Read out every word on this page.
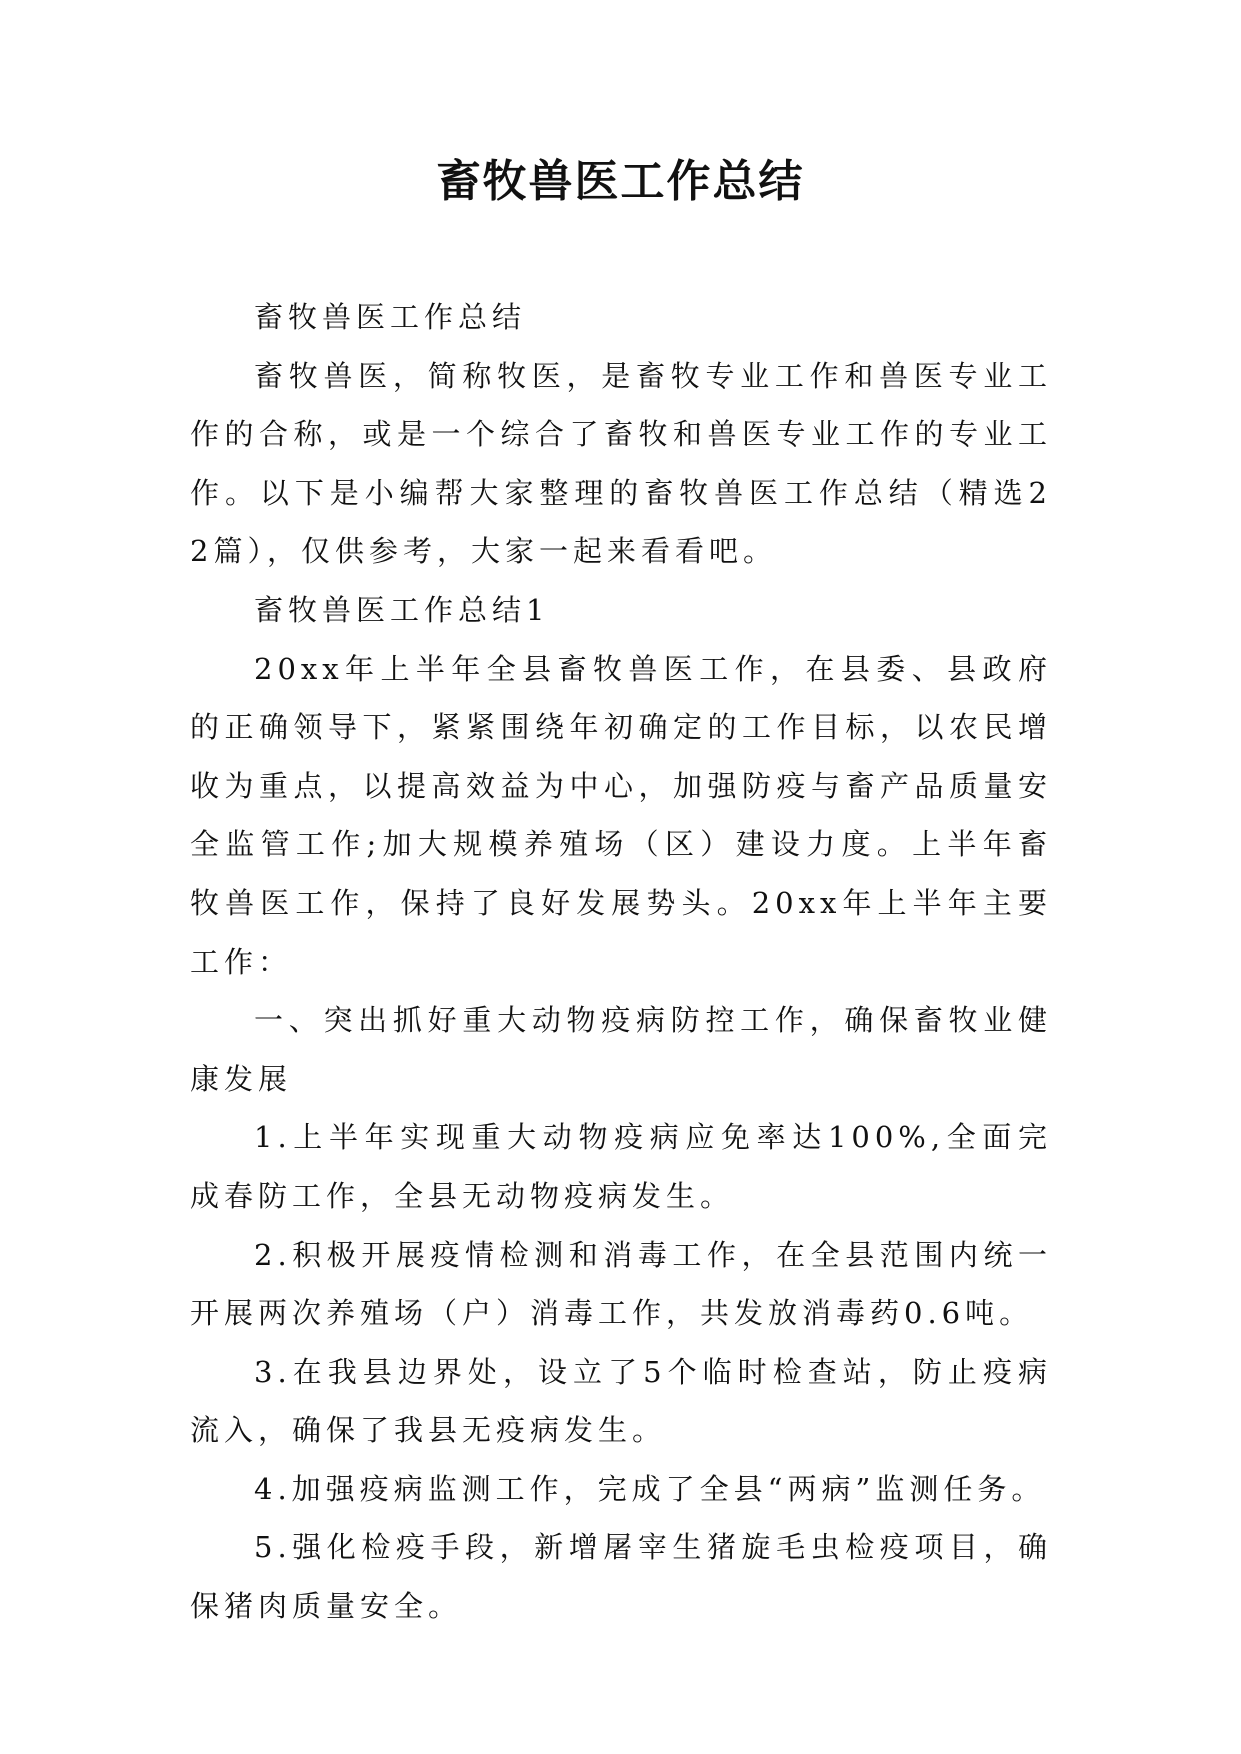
畜牧兽医工作总结

畜牧兽医工作总结

畜牧兽医，简称牧医，是畜牧专业工作和兽医专业工作的合称，或是一个综合了畜牧和兽医专业工作的专业工作。以下是小编帮大家整理的畜牧兽医工作总结（精选22篇），仅供参考，大家一起来看看吧。

畜牧兽医工作总结1

20xx年上半年全县畜牧兽医工作，在县委、县政府的正确领导下，紧紧围绕年初确定的工作目标，以农民增收为重点，以提高效益为中心，加强防疫与畜产品质量安全监管工作;加大规模养殖场（区）建设力度。上半年畜牧兽医工作，保持了良好发展势头。20xx年上半年主要工作：

一、突出抓好重大动物疫病防控工作，确保畜牧业健康发展

1.上半年实现重大动物疫病应免率达100%,全面完成春防工作，全县无动物疫病发生。

2.积极开展疫情检测和消毒工作，在全县范围内统一开展两次养殖场（户）消毒工作，共发放消毒药0.6吨。

3.在我县边界处，设立了5个临时检查站，防止疫病流入，确保了我县无疫病发生。

4.加强疫病监测工作，完成了全县“两病”监测任务。

5.强化检疫手段，新增屠宰生猪旋毛虫检疫项目，确保猪肉质量安全。
